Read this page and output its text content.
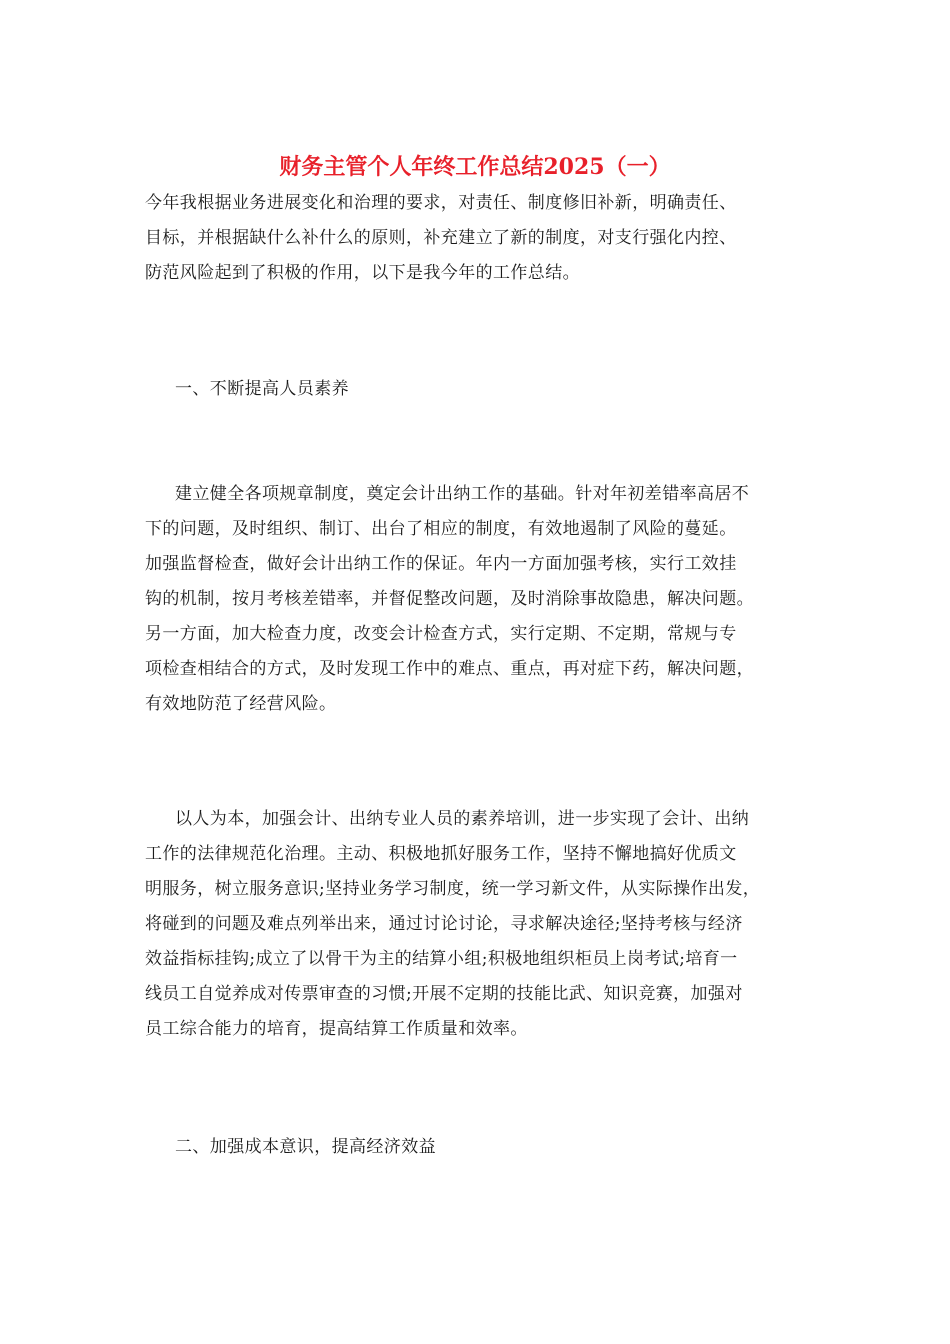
财务主管个人年终工作总结2025（一）
今年我根据业务进展变化和治理的要求，对责任、制度修旧补新，明确责任、
目标，并根据缺什么补什么的原则，补充建立了新的制度，对支行强化内控、
防范风险起到了积极的作用，以下是我今年的工作总结。

一、不断提高人员素养

建立健全各项规章制度，奠定会计出纳工作的基础。针对年初差错率高居不
下的问题，及时组织、制订、出台了相应的制度，有效地遏制了风险的蔓延。
加强监督检查，做好会计出纳工作的保证。年内一方面加强考核，实行工效挂
钩的机制，按月考核差错率，并督促整改问题，及时消除事故隐患，解决问题。
另一方面，加大检查力度，改变会计检查方式，实行定期、不定期，常规与专
项检查相结合的方式，及时发现工作中的难点、重点，再对症下药，解决问题，
有效地防范了经营风险。
以人为本，加强会计、出纳专业人员的素养培训，进一步实现了会计、出纳
工作的法律规范化治理。主动、积极地抓好服务工作，坚持不懈地搞好优质文
明服务，树立服务意识;坚持业务学习制度，统一学习新文件，从实际操作出发，
将碰到的问题及难点列举出来，通过讨论讨论，寻求解决途径;坚持考核与经济
效益指标挂钩;成立了以骨干为主的结算小组;积极地组织柜员上岗考试;培育一
线员工自觉养成对传票审查的习惯;开展不定期的技能比武、知识竞赛，加强对
员工综合能力的培育，提高结算工作质量和效率。

二、加强成本意识，提高经济效益
